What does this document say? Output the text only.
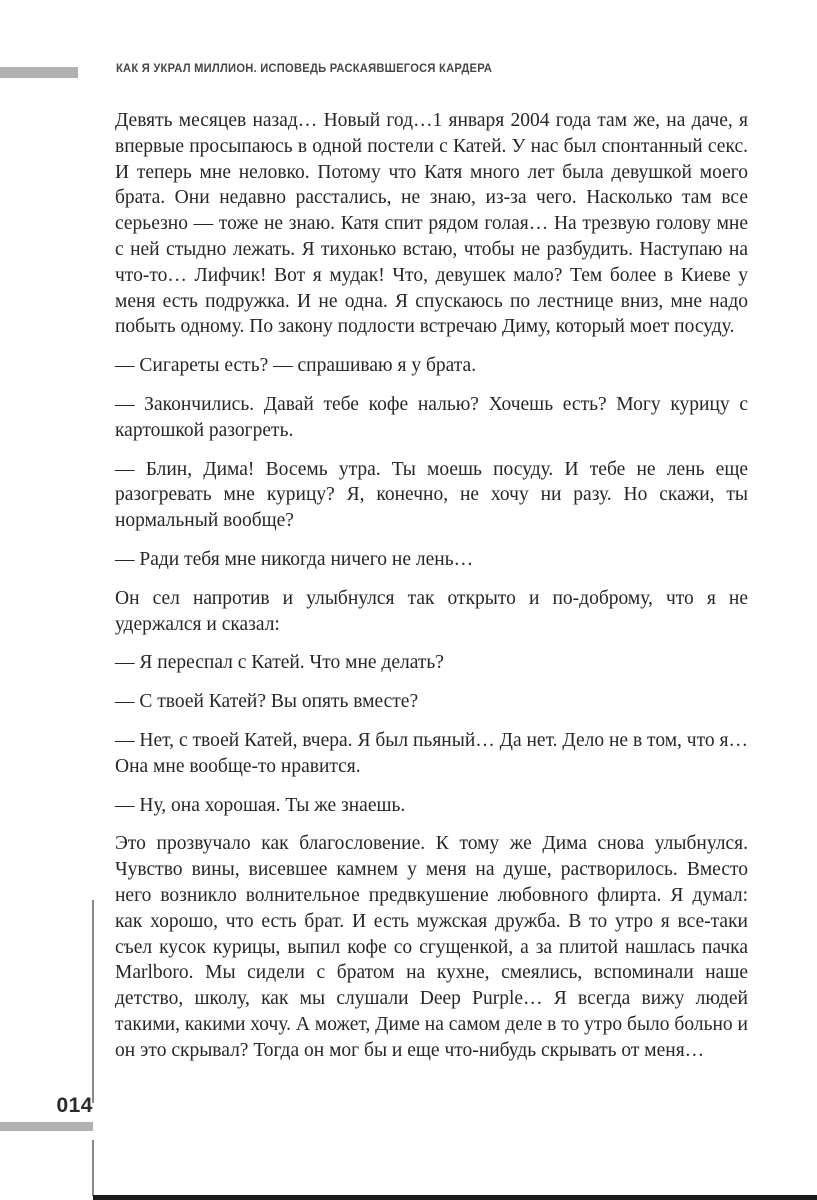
КАК Я УКРАЛ МИЛЛИОН. ИСПОВЕДЬ РАСКАЯВШЕГОСЯ КАРДЕРА

Девять месяцев назад… Новый год…1 января 2004 года там же, на даче, я впервые просыпаюсь в одной постели с Катей. У нас был спонтанный секс. И теперь мне неловко. Потому что Катя много лет была девушкой моего брата. Они недавно расстались, не знаю, из-за чего. Насколько там все серьезно — тоже не знаю. Катя спит рядом голая… На трезвую голову мне с ней стыдно лежать. Я тихонько встаю, чтобы не разбудить. Наступаю на что-то… Лифчик! Вот я мудак! Что, девушек мало? Тем более в Киеве у меня есть подружка. И не одна. Я спускаюсь по лестнице вниз, мне надо побыть одному. По закону подлости встречаю Диму, который моет посуду.

— Сигареты есть? — спрашиваю я у брата.

— Закончились. Давай тебе кофе налью? Хочешь есть? Могу курицу с картошкой разогреть.

— Блин, Дима! Восемь утра. Ты моешь посуду. И тебе не лень еще разогревать мне курицу? Я, конечно, не хочу ни разу. Но скажи, ты нормальный вообще?

— Ради тебя мне никогда ничего не лень…

Он сел напротив и улыбнулся так открыто и по-доброму, что я не удержался и сказал:

— Я переспал с Катей. Что мне делать?

— С твоей Катей? Вы опять вместе?

— Нет, с твоей Катей, вчера. Я был пьяный… Да нет. Дело не в том, что я… Она мне вообще-то нравится.

— Ну, она хорошая. Ты же знаешь.

Это прозвучало как благословение. К тому же Дима снова улыбнулся. Чувство вины, висевшее камнем у меня на душе, растворилось. Вместо него возникло волнительное предвкушение любовного флирта. Я думал: как хорошо, что есть брат. И есть мужская дружба. В то утро я все-таки съел кусок курицы, выпил кофе со сгущенкой, а за плитой нашлась пачка Marlboro. Мы сидели с братом на кухне, смеялись, вспоминали наше детство, школу, как мы слушали Deep Purple… Я всегда вижу людей такими, какими хочу. А может, Диме на самом деле в то утро было больно и он это скрывал? Тогда он мог бы и еще что-нибудь скрывать от меня…

014
